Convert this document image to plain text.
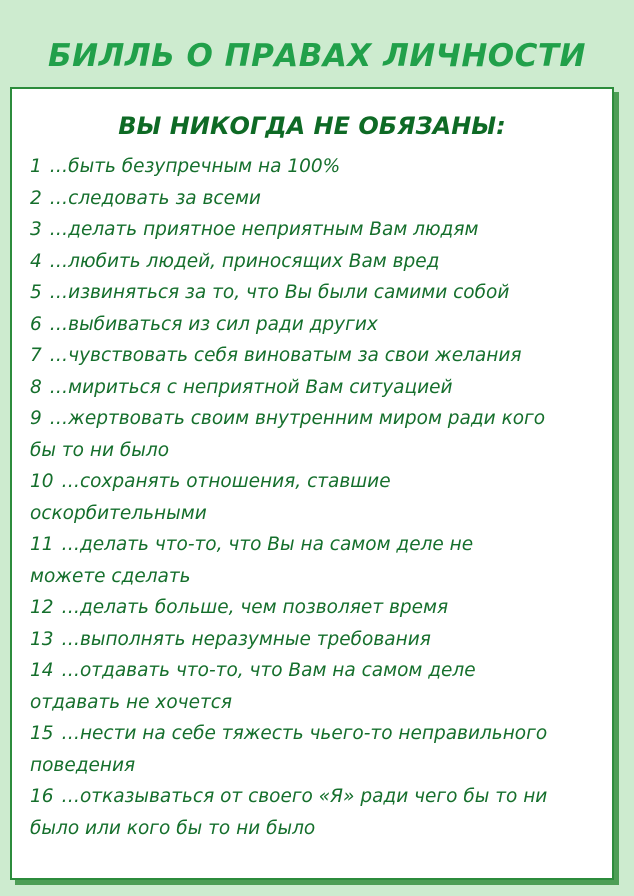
БИЛЛЬ О ПРАВАХ ЛИЧНОСТИ
ВЫ НИКОГДА НЕ ОБЯЗАНЫ:
1 …быть безупречным на 100%
2 …следовать за всеми
3 …делать приятное неприятным Вам людям
4 …любить людей, приносящих Вам вред
5 …извиняться за то, что Вы были самими собой
6 …выбиваться из сил ради других
7 …чувствовать себя виноватым за свои желания
8 …мириться с неприятной Вам ситуацией
9 …жертвовать своим внутренним миром ради кого
бы то ни было
10 …сохранять отношения, ставшие
оскорбительными
11 …делать что-то, что Вы на самом деле не
можете сделать
12 …делать больше, чем позволяет время
13 …выполнять неразумные требования
14 …отдавать что-то, что Вам на самом деле
отдавать не хочется
15 …нести на себе тяжесть чьего-то неправильного
поведения
16 …отказываться от своего «Я» ради чего бы то ни
было или кого бы то ни было
